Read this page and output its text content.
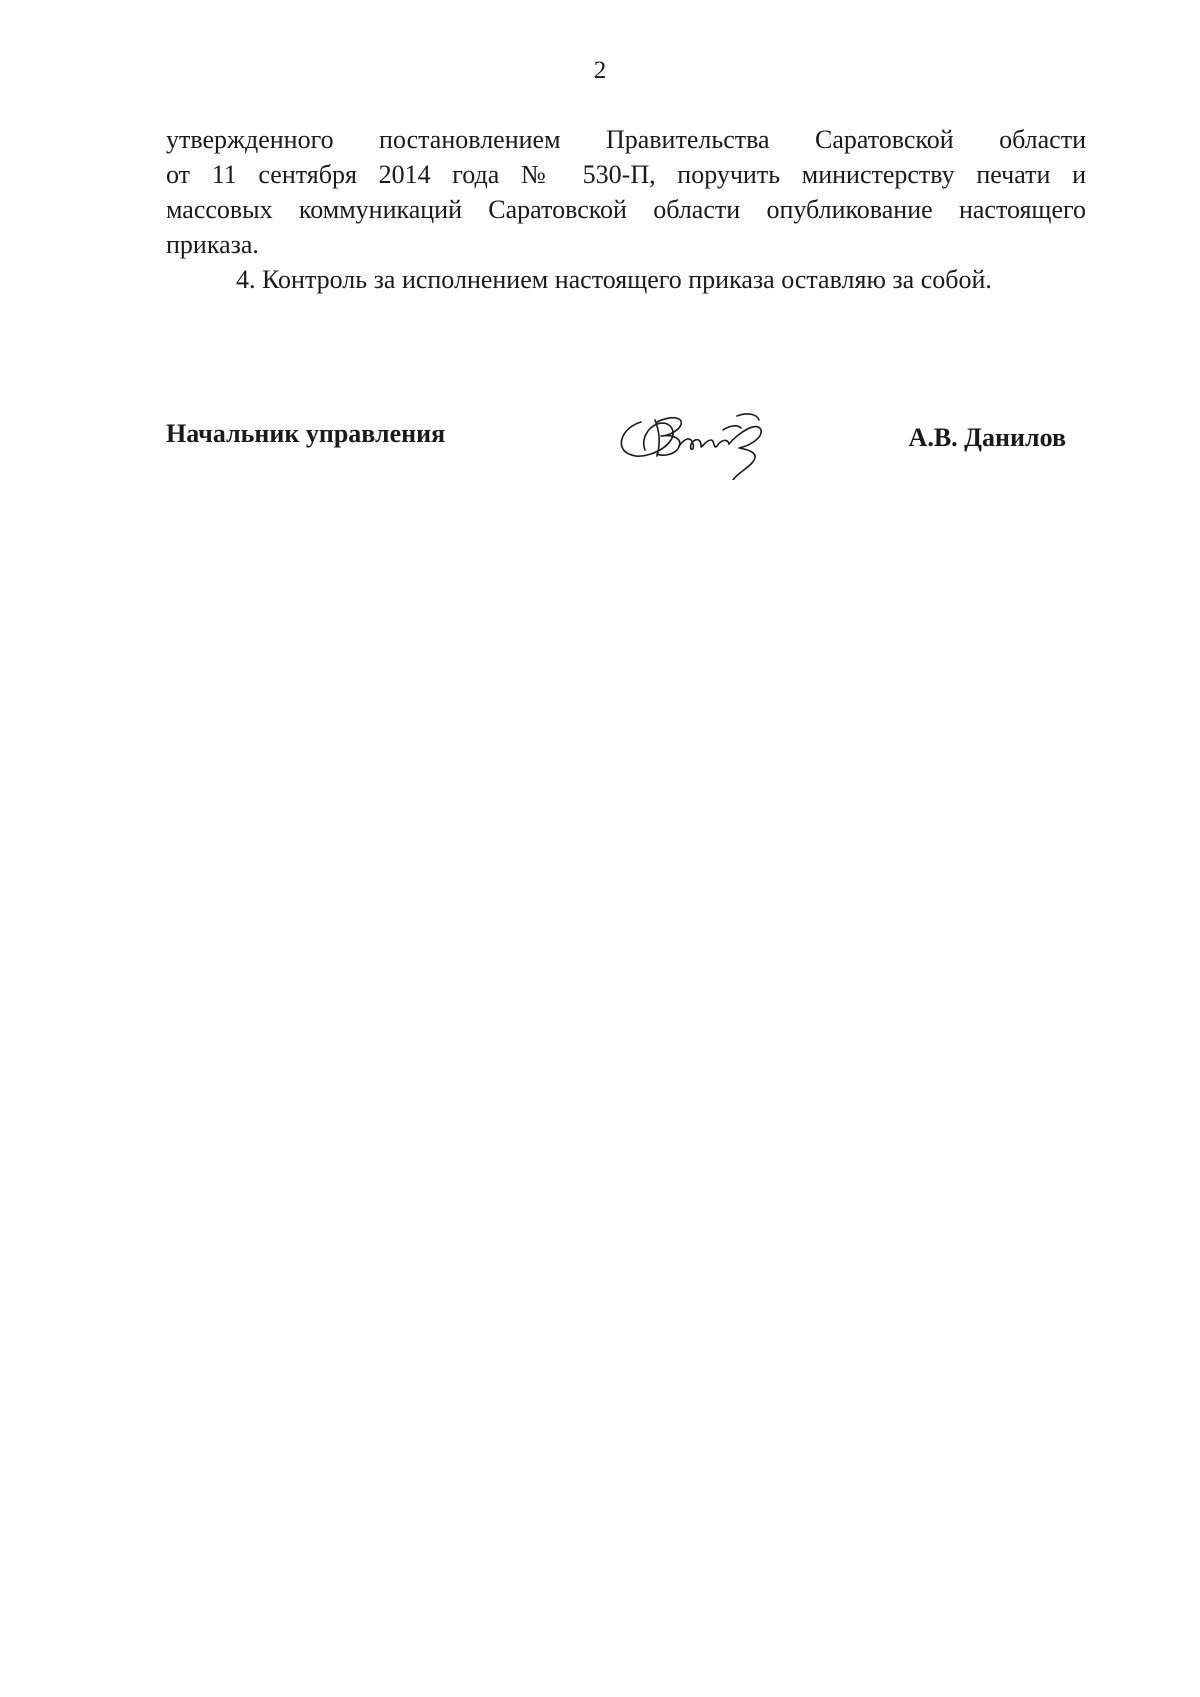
2
утвержденного постановлением Правительства Саратовской области
от 11 сентября 2014 года № 530-П, поручить министерству печати и
массовых коммуникаций Саратовской области опубликование настоящего
приказа.
4. Контроль за исполнением настоящего приказа оставляю за собой.
Начальник управления	А.В. Данилов
